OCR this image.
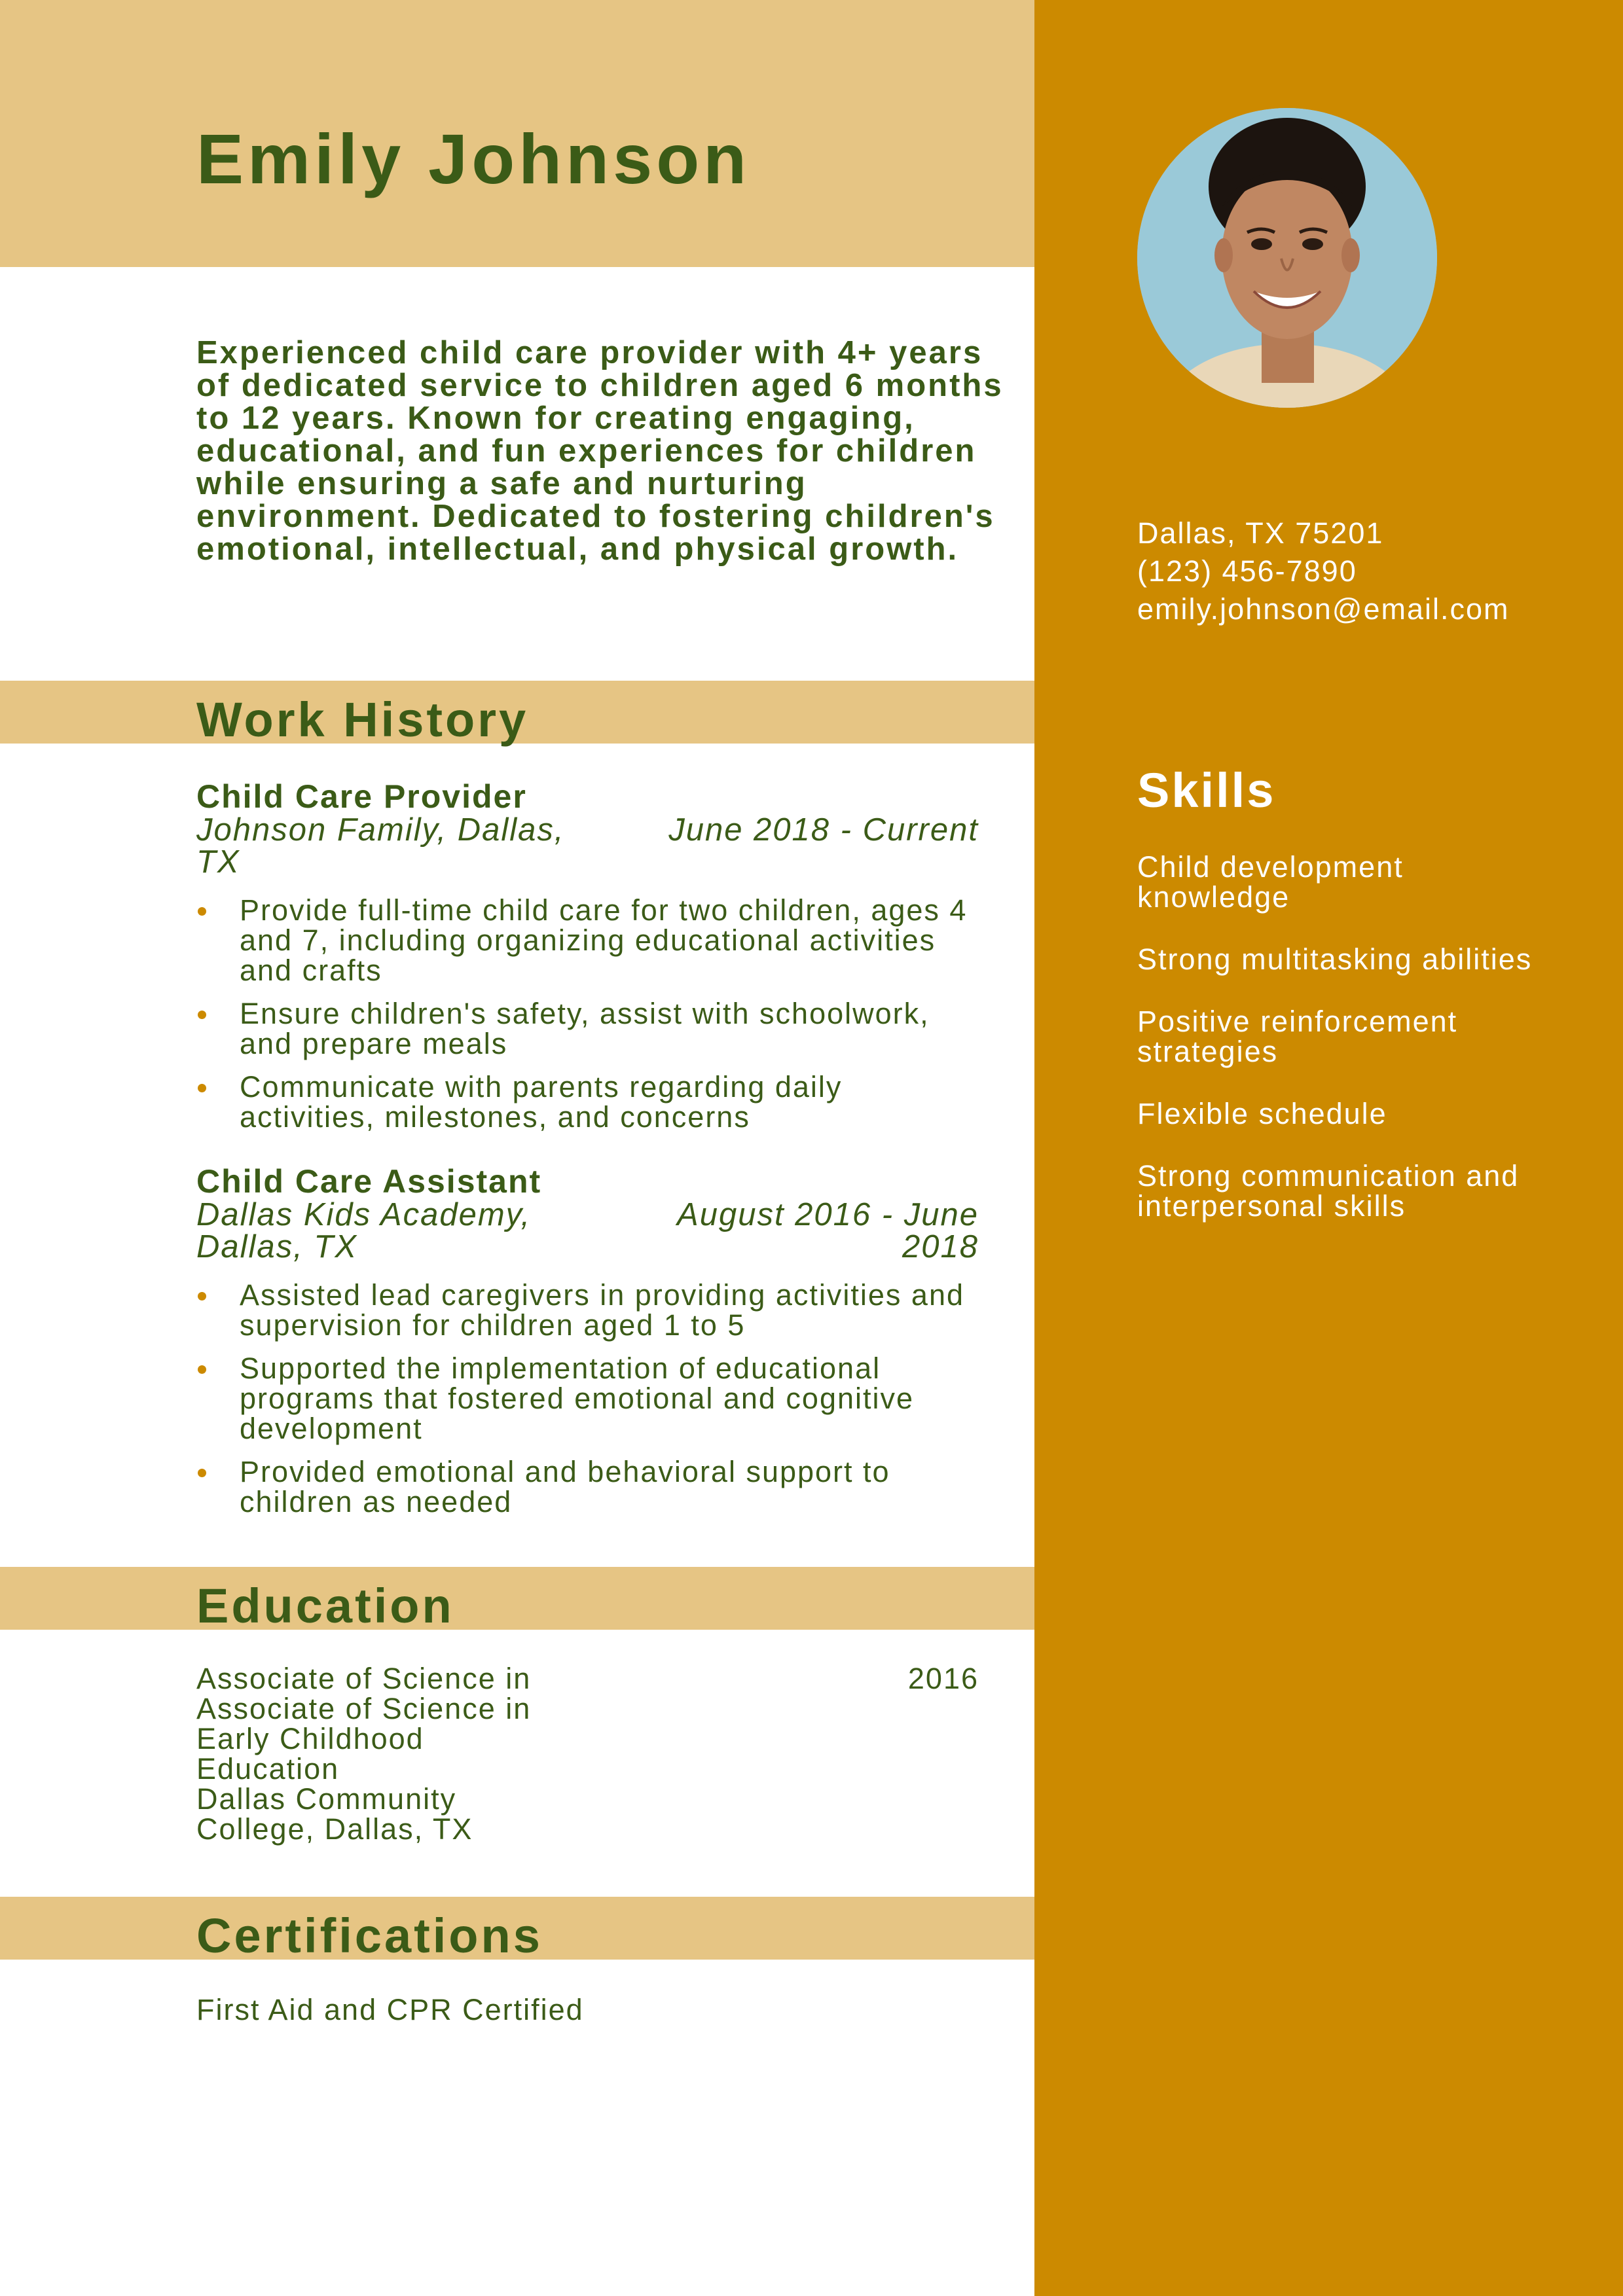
Emily Johnson
Experienced child care provider with 4+ years of dedicated service to children aged 6 months to 12 years. Known for creating engaging, educational, and fun experiences for children while ensuring a safe and nurturing environment. Dedicated to fostering children's emotional, intellectual, and physical growth.
Work History
Child Care Provider
Johnson Family, Dallas, TX
June 2018 - Current
Provide full-time child care for two children, ages 4 and 7, including organizing educational activities and crafts
Ensure children's safety, assist with schoolwork, and prepare meals
Communicate with parents regarding daily activities, milestones, and concerns
Child Care Assistant
Dallas Kids Academy, Dallas, TX
August 2016 - June 2018
Assisted lead caregivers in providing activities and supervision for children aged 1 to 5
Supported the implementation of educational programs that fostered emotional and cognitive development
Provided emotional and behavioral support to children as needed
Education
Associate of Science in
Associate of Science in
Early Childhood
Education
Dallas Community
College, Dallas, TX
2016
Certifications
First Aid and CPR Certified
Dallas, TX 75201
(123) 456-7890
emily.johnson@email.com
Skills
Child development knowledge
Strong multitasking abilities
Positive reinforcement strategies
Flexible schedule
Strong communication and interpersonal skills
